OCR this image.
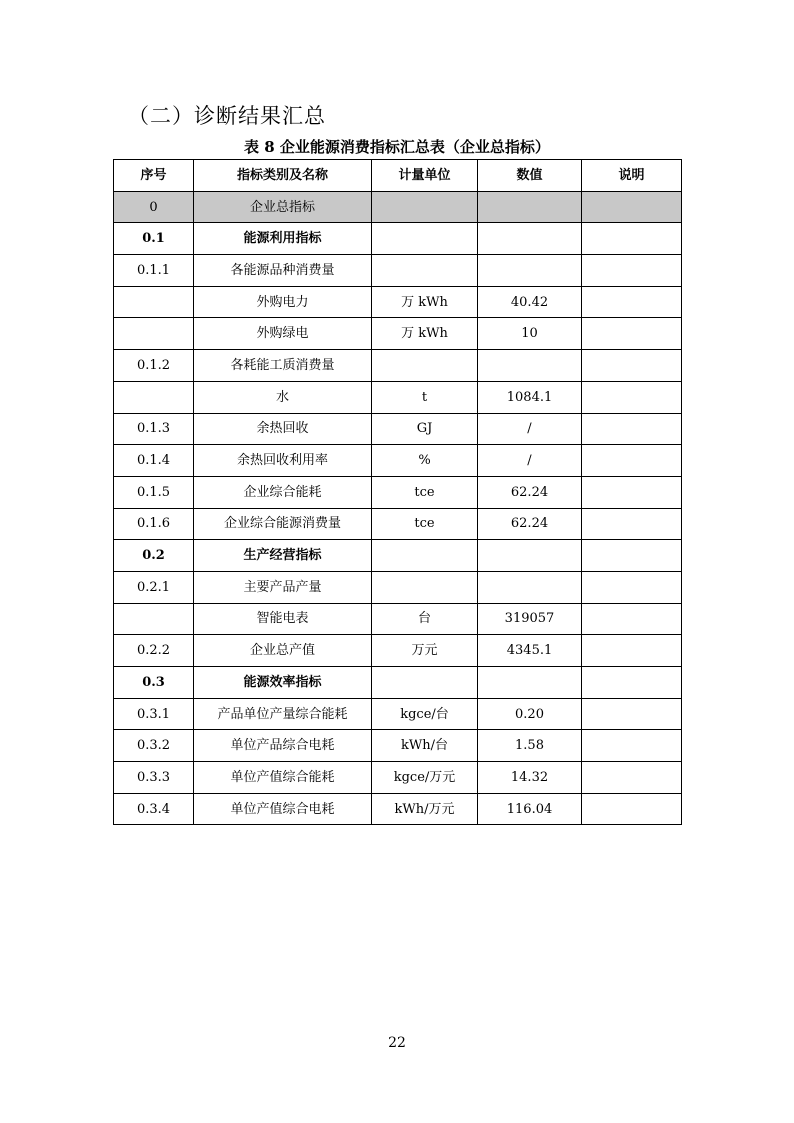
（二）诊断结果汇总
表 8 企业能源消费指标汇总表（企业总指标）
序号	指标类别及名称	计量单位	数值	说明
0	企业总指标			
0.1	能源利用指标			
0.1.1	各能源品种消费量			
	外购电力	万 kWh	40.42	
	外购绿电	万 kWh	10	
0.1.2	各耗能工质消费量			
	水	t	1084.1	
0.1.3	余热回收	GJ	/	
0.1.4	余热回收利用率	%	/	
0.1.5	企业综合能耗	tce	62.24	
0.1.6	企业综合能源消费量	tce	62.24	
0.2	生产经营指标			
0.2.1	主要产品产量			
	智能电表	台	319057	
0.2.2	企业总产值	万元	4345.1	
0.3	能源效率指标			
0.3.1	产品单位产量综合能耗	kgce/台	0.20	
0.3.2	单位产品综合电耗	kWh/台	1.58	
0.3.3	单位产值综合能耗	kgce/万元	14.32	
0.3.4	单位产值综合电耗	kWh/万元	116.04	
22
